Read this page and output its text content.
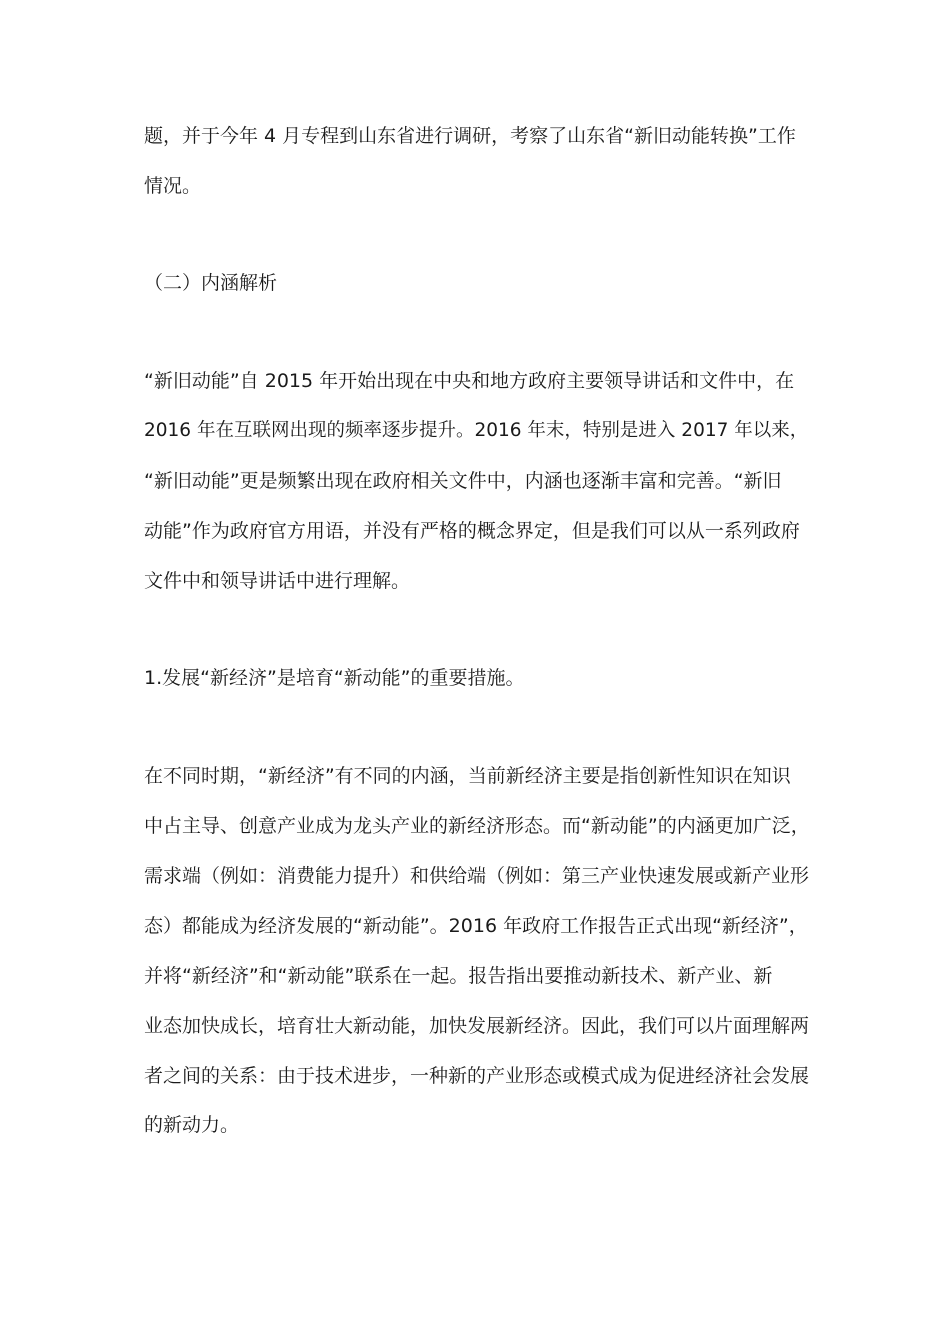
题，并于今年 4 月专程到山东省进行调研，考察了山东省“新旧动能转换”工作
情况。
（二）内涵解析
“新旧动能”自 2015 年开始出现在中央和地方政府主要领导讲话和文件中，在
2016 年在互联网出现的频率逐步提升。2016 年末，特别是进入 2017 年以来，
“新旧动能”更是频繁出现在政府相关文件中，内涵也逐渐丰富和完善。“新旧
动能”作为政府官方用语，并没有严格的概念界定，但是我们可以从一系列政府
文件中和领导讲话中进行理解。
1.发展“新经济”是培育“新动能”的重要措施。
在不同时期，“新经济”有不同的内涵，当前新经济主要是指创新性知识在知识
中占主导、创意产业成为龙头产业的新经济形态。而“新动能”的内涵更加广泛，
需求端（例如：消费能力提升）和供给端（例如：第三产业快速发展或新产业形
态）都能成为经济发展的“新动能”。2016 年政府工作报告正式出现“新经济”，
并将“新经济”和“新动能”联系在一起。报告指出要推动新技术、新产业、新
业态加快成长，培育壮大新动能，加快发展新经济。因此，我们可以片面理解两
者之间的关系：由于技术进步，一种新的产业形态或模式成为促进经济社会发展
的新动力。
